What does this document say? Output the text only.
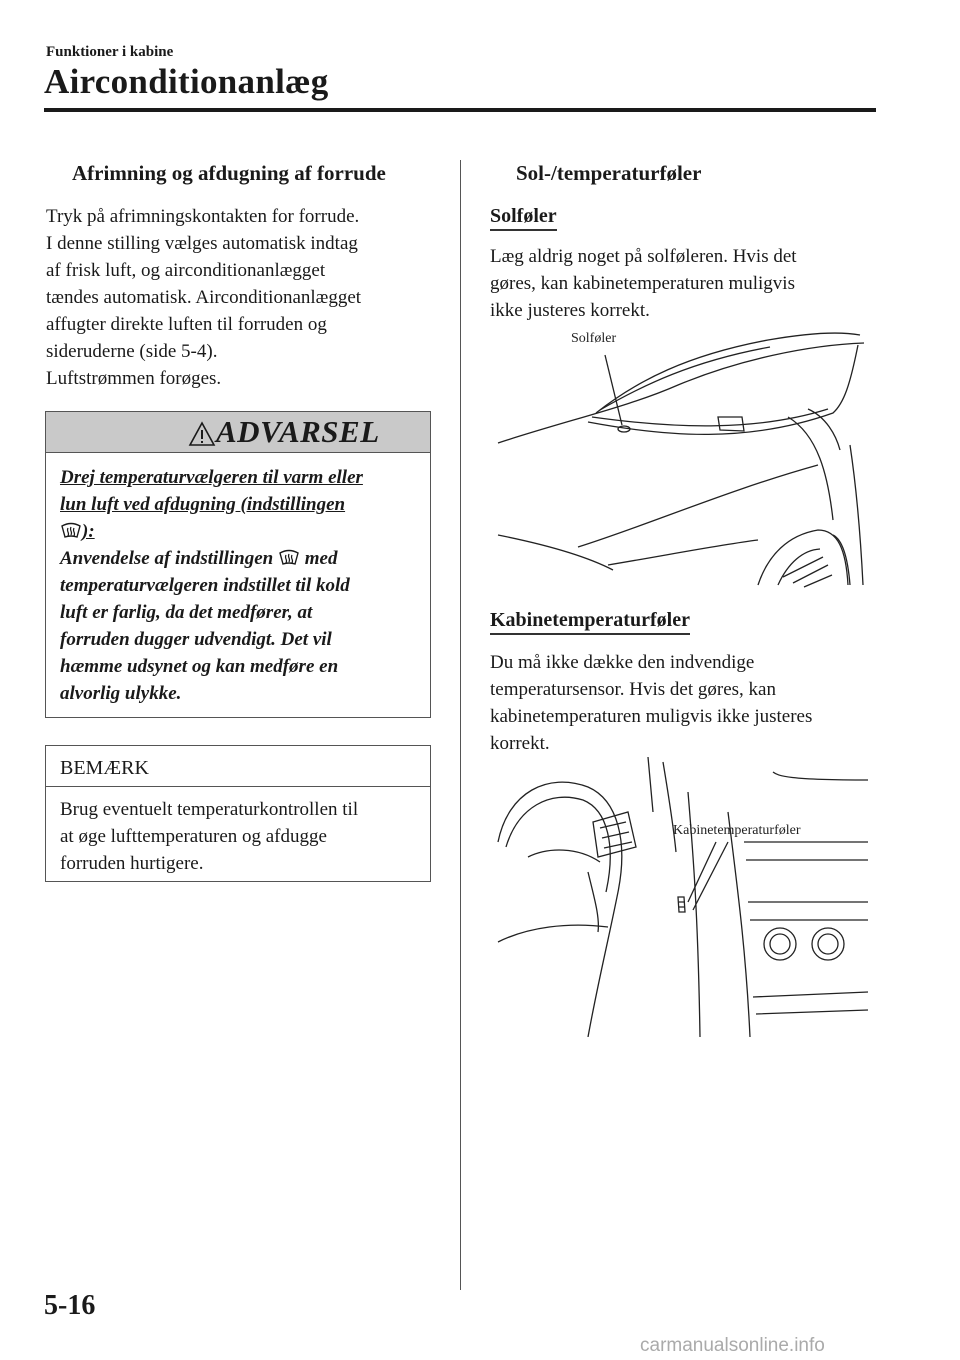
Funktioner i kabine
Airconditionanlæg
Afrimning og afdugning af forrude
Tryk på afrimningskontakten for forrude.
I denne stilling vælges automatisk indtag
af frisk luft, og airconditionanlægget
tændes automatisk. Airconditionanlægget
affugter direkte luften til forruden og
sideruderne (side 5-4).
Luftstrømmen forøges.
ADVARSEL
Drej temperaturvælgeren til varm eller
lun luft ved afdugning (indstillingen
):
Anvendelse af indstillingen med
temperaturvælgeren indstillet til kold
luft er farlig, da det medfører, at
forruden dugger udvendigt. Det vil
hæmme udsynet og kan medføre en
alvorlig ulykke.
BEMÆRK
Brug eventuelt temperaturkontrollen til
at øge lufttemperaturen og afdugge
forruden hurtigere.
Sol-/temperaturføler
Solføler
Læg aldrig noget på solføleren. Hvis det
gøres, kan kabinetemperaturen muligvis
ikke justeres korrekt.
Solføler
Kabinetemperaturføler
Du må ikke dække den indvendige
temperatursensor. Hvis det gøres, kan
kabinetemperaturen muligvis ikke justeres
korrekt.
Kabinetemperaturføler
5-16
carmanualsonline.info
